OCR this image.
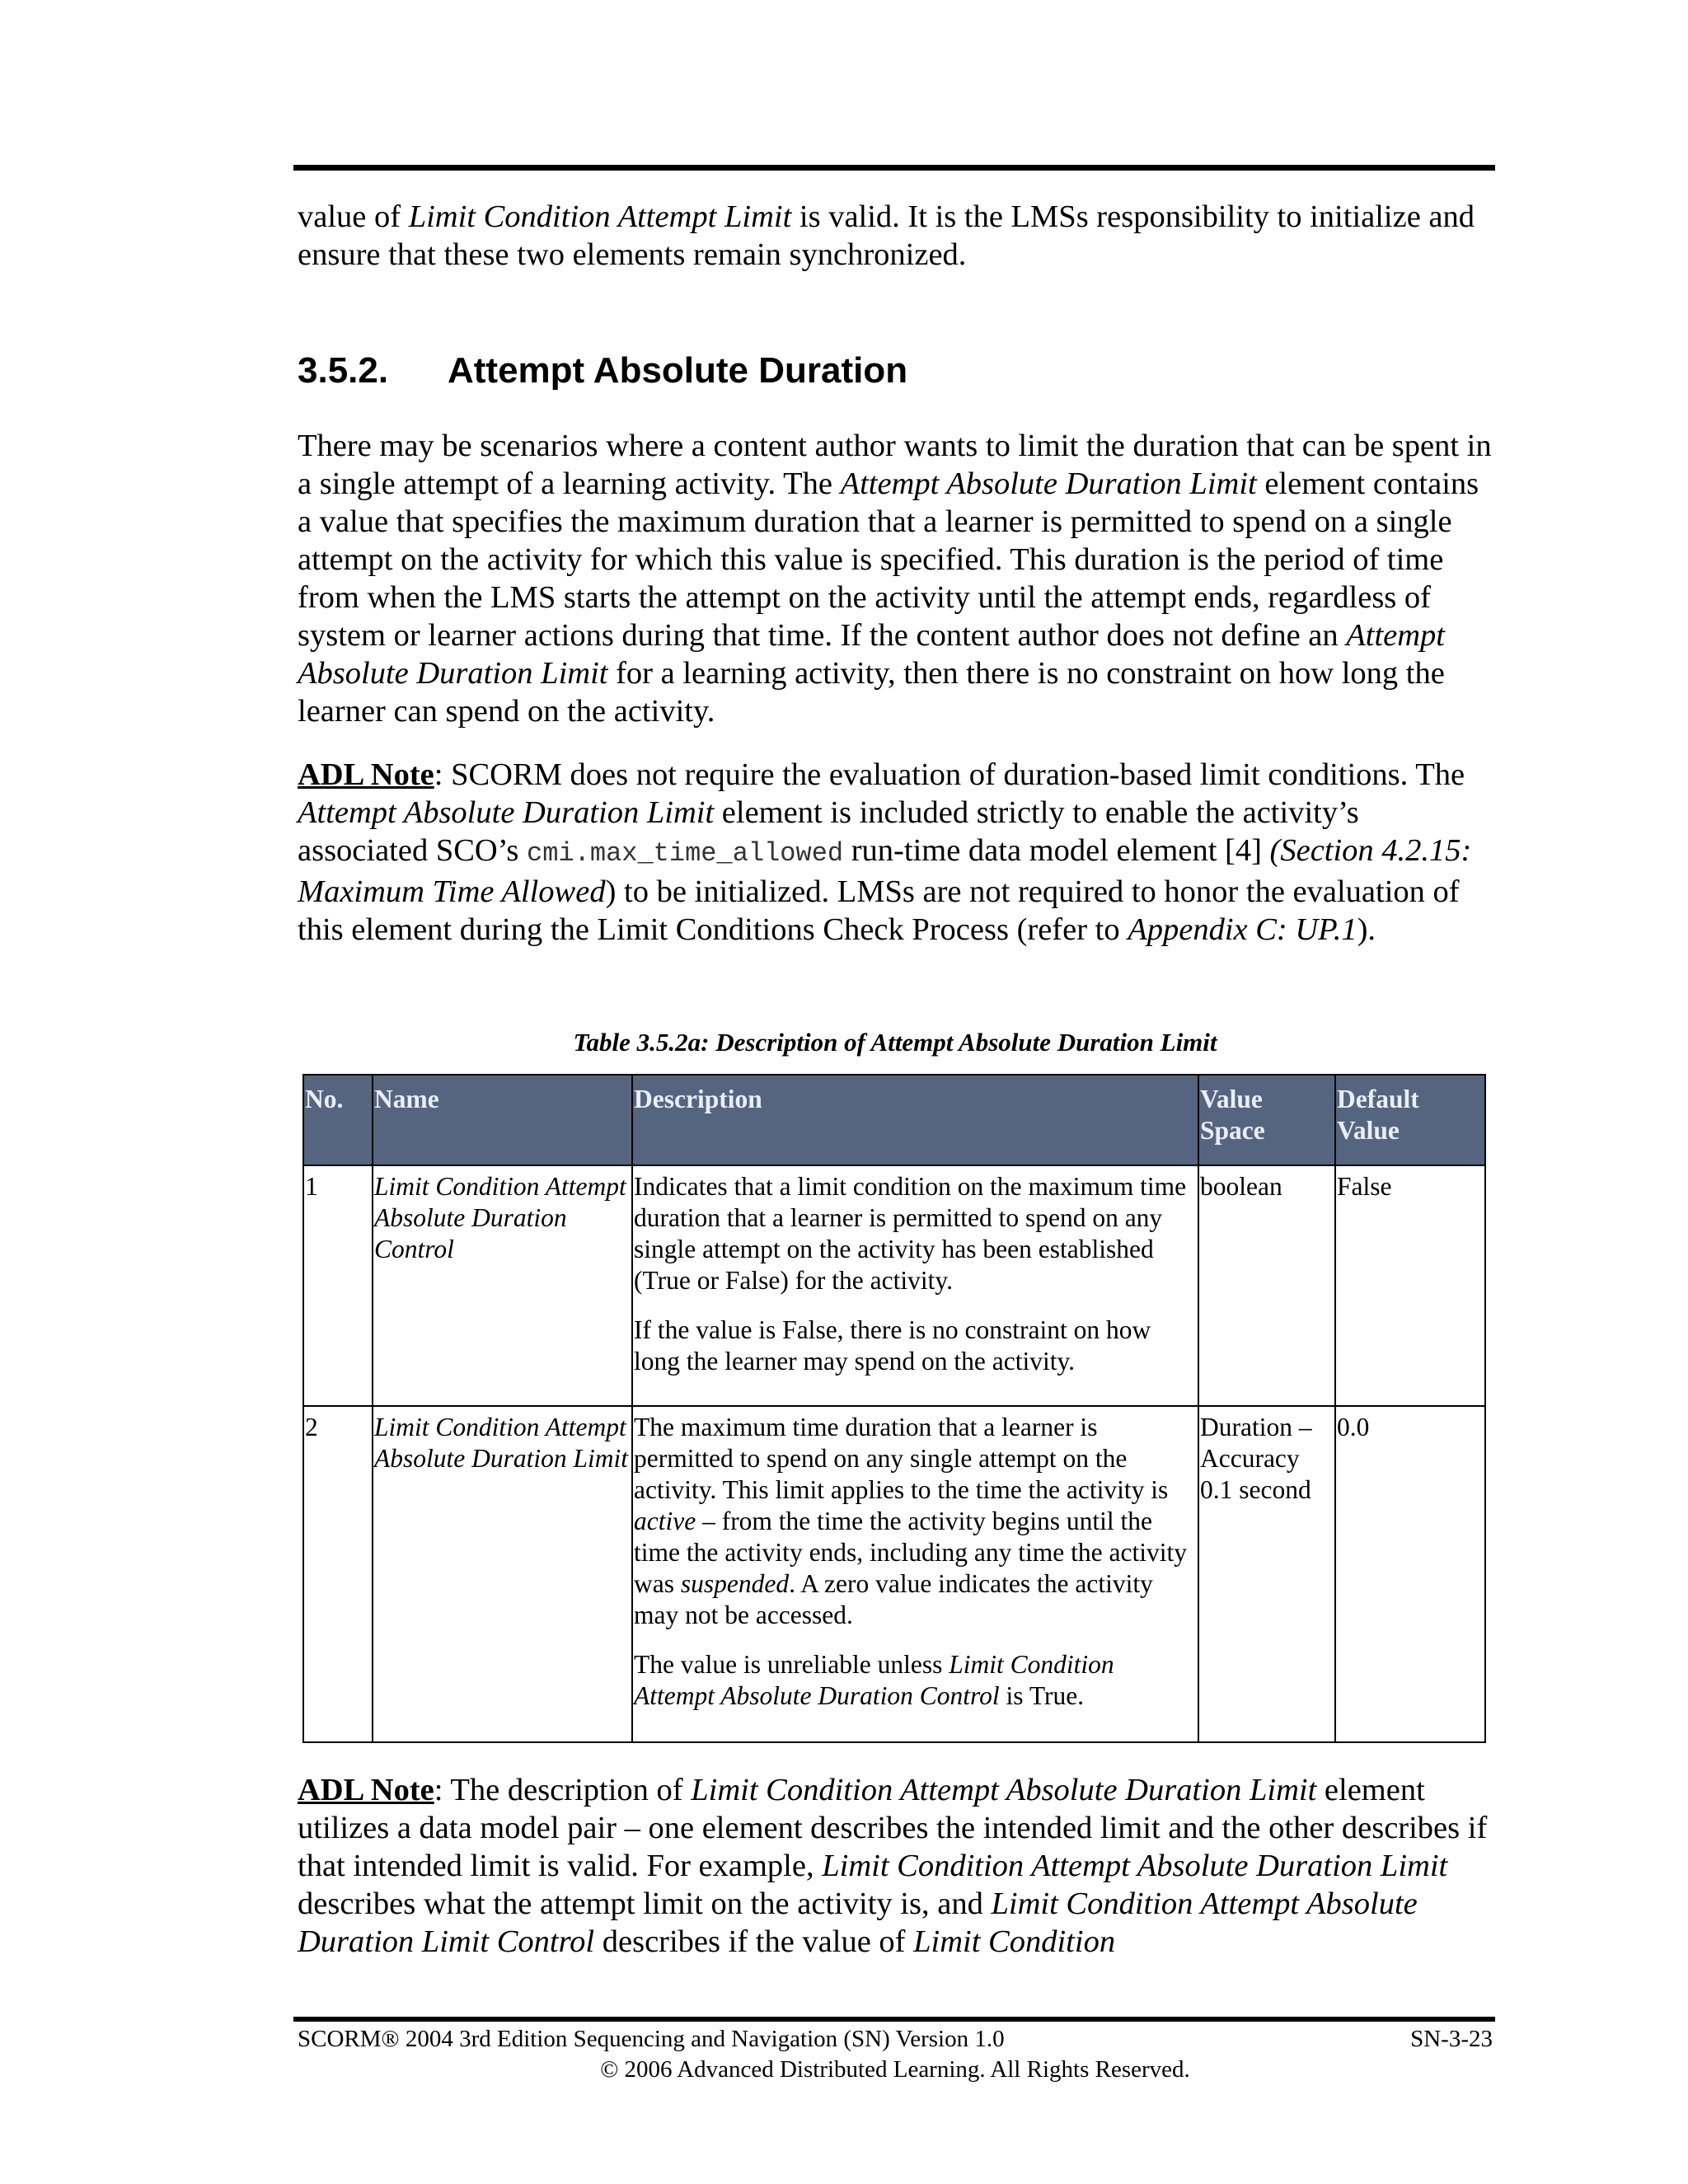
value of Limit Condition Attempt Limit is valid. It is the LMSs responsibility to initialize and ensure that these two elements remain synchronized.

3.5.2. Attempt Absolute Duration

There may be scenarios where a content author wants to limit the duration that can be spent in a single attempt of a learning activity. The Attempt Absolute Duration Limit element contains a value that specifies the maximum duration that a learner is permitted to spend on a single attempt on the activity for which this value is specified. This duration is the period of time from when the LMS starts the attempt on the activity until the attempt ends, regardless of system or learner actions during that time. If the content author does not define an Attempt Absolute Duration Limit for a learning activity, then there is no constraint on how long the learner can spend on the activity.

ADL Note: SCORM does not require the evaluation of duration-based limit conditions. The Attempt Absolute Duration Limit element is included strictly to enable the activity’s associated SCO’s cmi.max_time_allowed run-time data model element [4] (Section 4.2.15: Maximum Time Allowed) to be initialized. LMSs are not required to honor the evaluation of this element during the Limit Conditions Check Process (refer to Appendix C: UP.1).

Table 3.5.2a: Description of Attempt Absolute Duration Limit

No.	Name	Description	Value Space	Default Value
1	Limit Condition Attempt Absolute Duration Control	Indicates that a limit condition on the maximum time duration that a learner is permitted to spend on any single attempt on the activity has been established (True or False) for the activity.

If the value is False, there is no constraint on how long the learner may spend on the activity.	boolean	False
2	Limit Condition Attempt Absolute Duration Limit	The maximum time duration that a learner is permitted to spend on any single attempt on the activity. This limit applies to the time the activity is active – from the time the activity begins until the time the activity ends, including any time the activity was suspended. A zero value indicates the activity may not be accessed.

The value is unreliable unless Limit Condition Attempt Absolute Duration Control is True.	Duration – Accuracy 0.1 second	0.0

ADL Note: The description of Limit Condition Attempt Absolute Duration Limit element utilizes a data model pair – one element describes the intended limit and the other describes if that intended limit is valid. For example, Limit Condition Attempt Absolute Duration Limit describes what the attempt limit on the activity is, and Limit Condition Attempt Absolute Duration Limit Control describes if the value of Limit Condition

SCORM® 2004 3rd Edition Sequencing and Navigation (SN) Version 1.0	SN-3-23
© 2006 Advanced Distributed Learning. All Rights Reserved.
